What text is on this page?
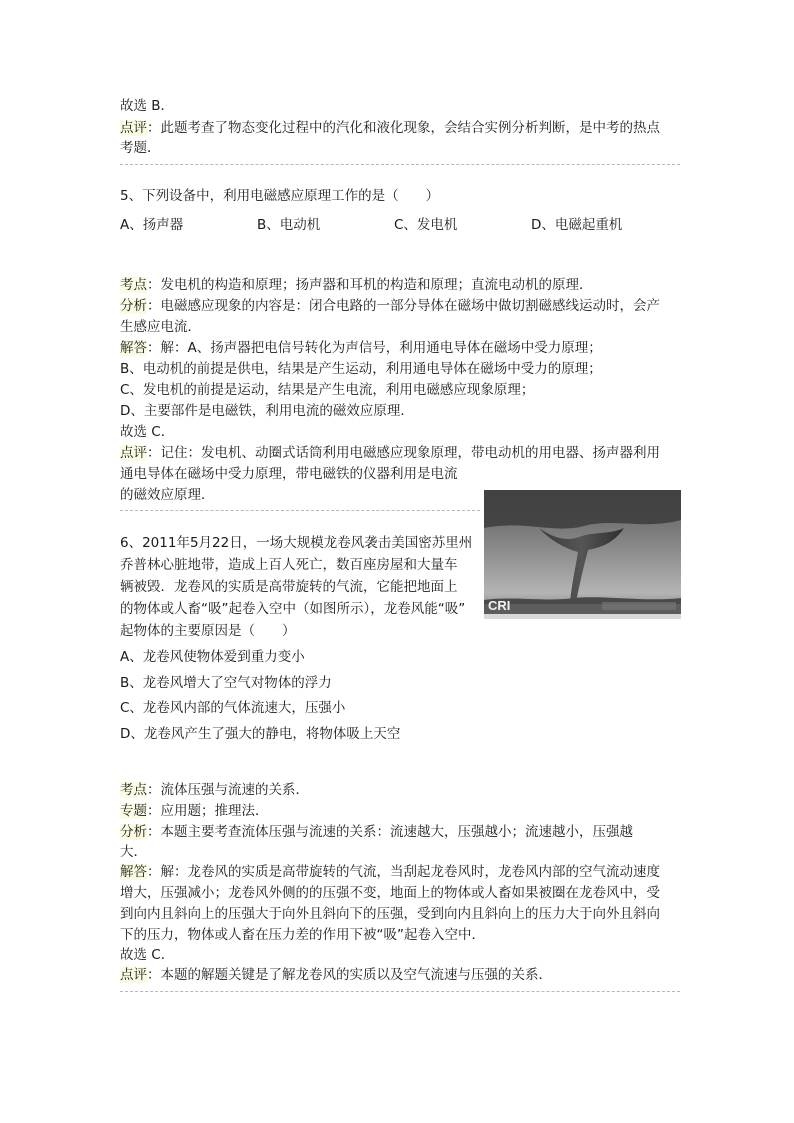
故选 B．
点评：此题考查了物态变化过程中的汽化和液化现象，会结合实例分析判断，是中考的热点
考题．
5、下列设备中，利用电磁感应原理工作的是（　　）
A、扬声器	B、电动机	C、发电机	D、电磁起重机
考点：发电机的构造和原理；扬声器和耳机的构造和原理；直流电动机的原理．
分析：电磁感应现象的内容是：闭合电路的一部分导体在磁场中做切割磁感线运动时，会产
生感应电流．
解答：解：A、扬声器把电信号转化为声信号，利用通电导体在磁场中受力原理；
B、电动机的前提是供电，结果是产生运动，利用通电导体在磁场中受力的原理；
C、发电机的前提是运动，结果是产生电流，利用电磁感应现象原理；
D、主要部件是电磁铁，利用电流的磁效应原理．
故选 C．
点评：记住：发电机、动圈式话筒利用电磁感应现象原理，带电动机的用电器、扬声器利用
通电导体在磁场中受力原理，带电磁铁的仪器利用是电流
的磁效应原理．
CRI
6、2011年5月22日，一场大规模龙卷风袭击美国密苏里州
乔普林心脏地带，造成上百人死亡，数百座房屋和大量车
辆被毁．龙卷风的实质是高带旋转的气流，它能把地面上
的物体或人畜“吸”起卷入空中（如图所示），龙卷风能“吸”
起物体的主要原因是（　　）
A、龙卷风使物体爱到重力变小
B、龙卷风增大了空气对物体的浮力
C、龙卷风内部的气体流速大，压强小
D、龙卷风产生了强大的静电，将物体吸上天空
考点：流体压强与流速的关系．
专题：应用题；推理法．
分析：本题主要考查流体压强与流速的关系：流速越大，压强越小；流速越小，压强越
大．
解答：解：龙卷风的实质是高带旋转的气流，当刮起龙卷风时，龙卷风内部的空气流动速度
增大，压强减小；龙卷风外侧的的压强不变，地面上的物体或人畜如果被圈在龙卷风中，受
到向内且斜向上的压强大于向外且斜向下的压强，受到向内且斜向上的压力大于向外且斜向
下的压力，物体或人畜在压力差的作用下被“吸”起卷入空中．
故选 C．
点评：本题的解题关键是了解龙卷风的实质以及空气流速与压强的关系．
